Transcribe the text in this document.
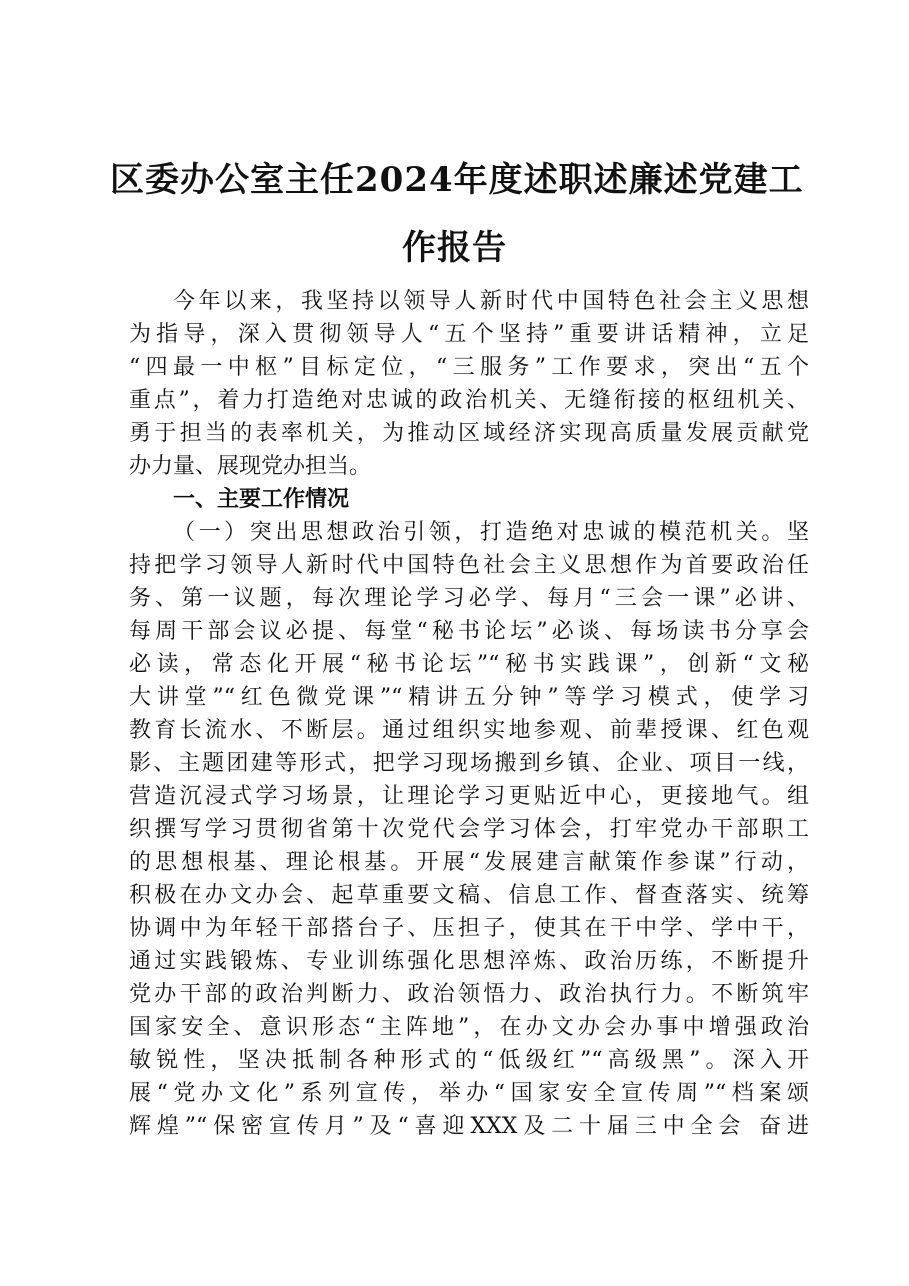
区委办公室主任2024年度述职述廉述党建工
作报告

今年以来，我坚持以领导人新时代中国特色社会主义思想

为指导，深入贯彻领导人“五个坚持”重要讲话精神，立足

“四最一中枢”目标定位，“三服务”工作要求，突出“五个

重点”，着力打造绝对忠诚的政治机关、无缝衔接的枢纽机关、

勇于担当的表率机关，为推动区域经济实现高质量发展贡献党

办力量、展现党办担当。

一、主要工作情况

（一）突出思想政治引领，打造绝对忠诚的模范机关。坚

持把学习领导人新时代中国特色社会主义思想作为首要政治任

务、第一议题，每次理论学习必学、每月“三会一课”必讲、

每周干部会议必提、每堂“秘书论坛”必谈、每场读书分享会

必读，常态化开展“秘书论坛”“秘书实践课”，创新“文秘

大讲堂”“红色微党课”“精讲五分钟”等学习模式，使学习

教育长流水、不断层。通过组织实地参观、前辈授课、红色观

影、主题团建等形式，把学习现场搬到乡镇、企业、项目一线，

营造沉浸式学习场景，让理论学习更贴近中心，更接地气。组

织撰写学习贯彻省第十次党代会学习体会，打牢党办干部职工

的思想根基、理论根基。开展“发展建言献策作参谋”行动，

积极在办文办会、起草重要文稿、信息工作、督查落实、统筹

协调中为年轻干部搭台子、压担子，使其在干中学、学中干，

通过实践锻炼、专业训练强化思想淬炼、政治历练，不断提升

党办干部的政治判断力、政治领悟力、政治执行力。不断筑牢

国家安全、意识形态“主阵地”，在办文办会办事中增强政治

敏锐性，坚决抵制各种形式的“低级红”“高级黑”。深入开

展“党办文化”系列宣传，举办“国家安全宣传周”“档案颂

辉煌”“保密宣传月”及“喜迎XXX及二十届三中全会 奋进
